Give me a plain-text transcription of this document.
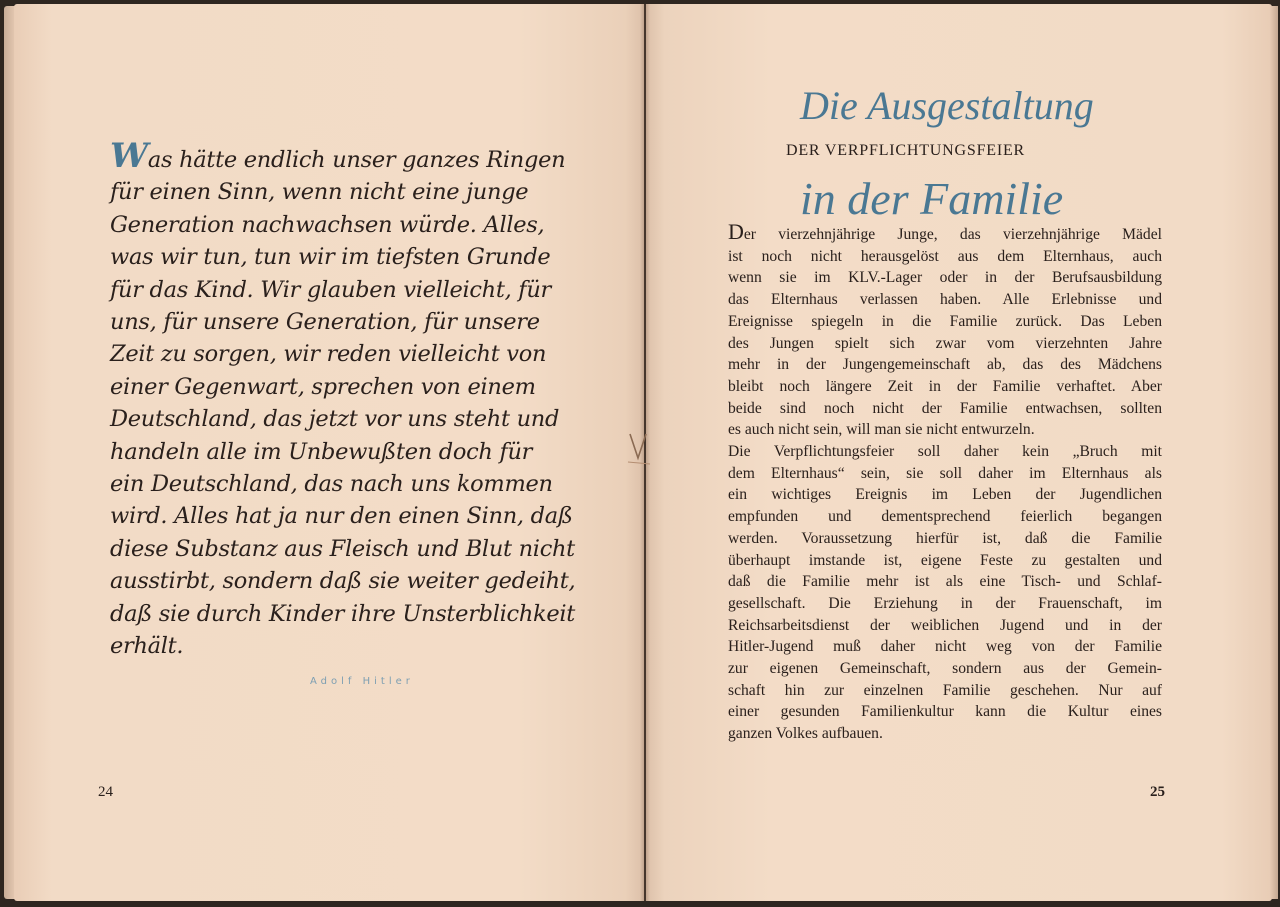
Was hätte endlich unser ganzes Ringen
für einen Sinn, wenn nicht eine junge
Generation nachwachsen würde. Alles,
was wir tun, tun wir im tiefsten Grunde
für das Kind. Wir glauben vielleicht, für
uns, für unsere Generation, für unsere
Zeit zu sorgen, wir reden vielleicht von
einer Gegenwart, sprechen von einem
Deutschland, das jetzt vor uns steht und
handeln alle im Unbewußten doch für
ein Deutschland, das nach uns kommen
wird. Alles hat ja nur den einen Sinn, daß
diese Substanz aus Fleisch und Blut nicht
ausstirbt, sondern daß sie weiter gedeiht,
daß sie durch Kinder ihre Unsterblichkeit
erhält.
Adolf Hitler
24
Die Ausgestaltung
DER VERPFLICHTUNGSFEIER
in der Familie
Der vierzehnjährige Junge, das vierzehnjährige Mädel
ist noch nicht herausgelöst aus dem Elternhaus, auch
wenn sie im KLV.-Lager oder in der Berufsausbildung
das Elternhaus verlassen haben. Alle Erlebnisse und
Ereignisse spiegeln in die Familie zurück. Das Leben
des Jungen spielt sich zwar vom vierzehnten Jahre
mehr in der Jungengemeinschaft ab, das des Mädchens
bleibt noch längere Zeit in der Familie verhaftet. Aber
beide sind noch nicht der Familie entwachsen, sollten
es auch nicht sein, will man sie nicht entwurzeln.
Die Verpflichtungsfeier soll daher kein „Bruch mit
dem Elternhaus“ sein, sie soll daher im Elternhaus als
ein wichtiges Ereignis im Leben der Jugendlichen
empfunden und dementsprechend feierlich begangen
werden. Voraussetzung hierfür ist, daß die Familie
überhaupt imstande ist, eigene Feste zu gestalten und
daß die Familie mehr ist als eine Tisch- und Schlaf-
gesellschaft. Die Erziehung in der Frauenschaft, im
Reichsarbeitsdienst der weiblichen Jugend und in der
Hitler-Jugend muß daher nicht weg von der Familie
zur eigenen Gemeinschaft, sondern aus der Gemein-
schaft hin zur einzelnen Familie geschehen. Nur auf
einer gesunden Familienkultur kann die Kultur eines
ganzen Volkes aufbauen.
25
